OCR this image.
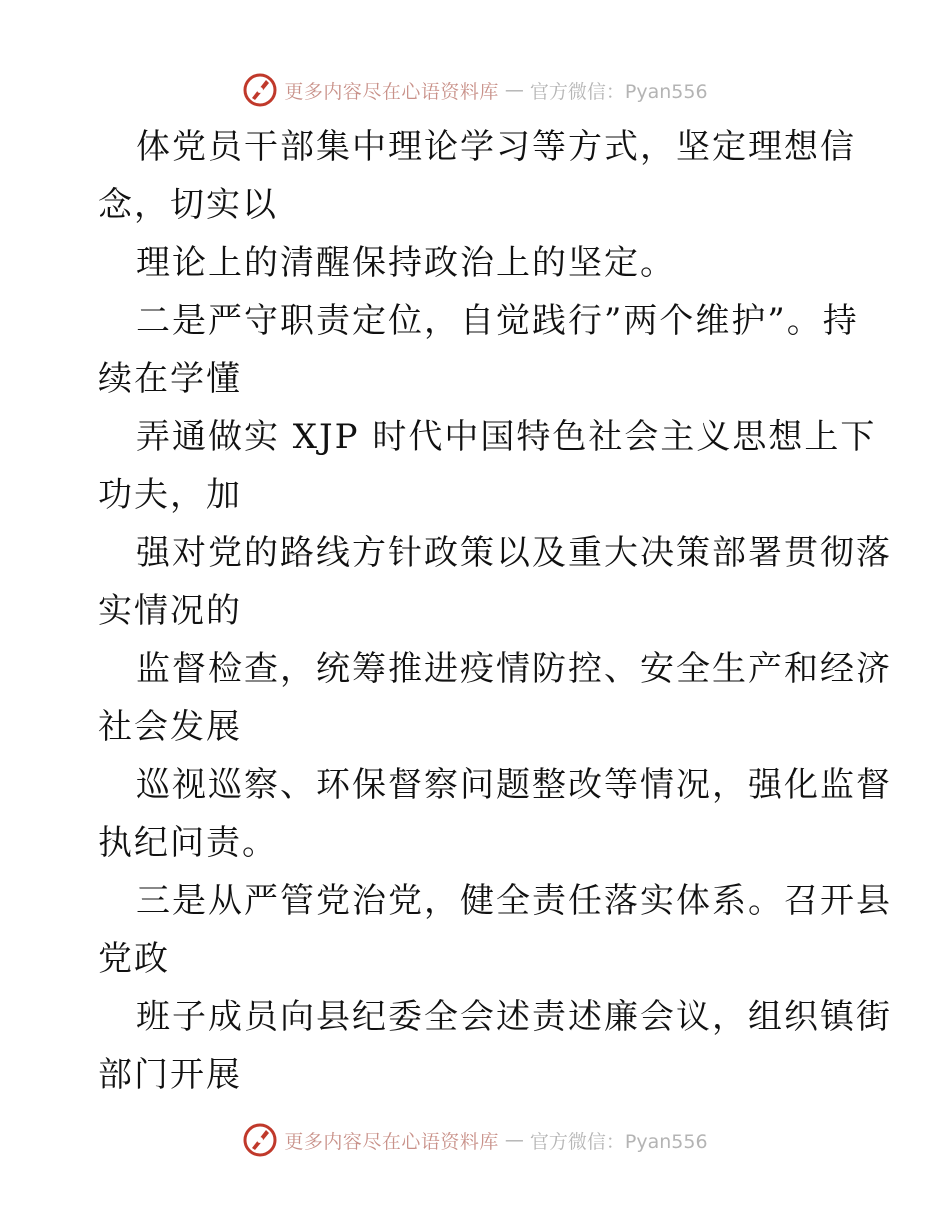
更多内容尽在心语资料库 — 官方微信：Pyan556
体党员干部集中理论学习等方式，坚定理想信
念，切实以
理论上的清醒保持政治上的坚定。
二是严守职责定位，自觉践行”两个维护”。持
续在学懂
弄通做实 XJP 时代中国特色社会主义思想上下
功夫，加
强对党的路线方针政策以及重大决策部署贯彻落
实情况的
监督检查，统筹推进疫情防控、安全生产和经济
社会发展
巡视巡察、环保督察问题整改等情况，强化监督
执纪问责。
三是从严管党治党，健全责任落实体系。召开县
党政
班子成员向县纪委全会述责述廉会议，组织镇街
部门开展
更多内容尽在心语资料库 — 官方微信：Pyan556
